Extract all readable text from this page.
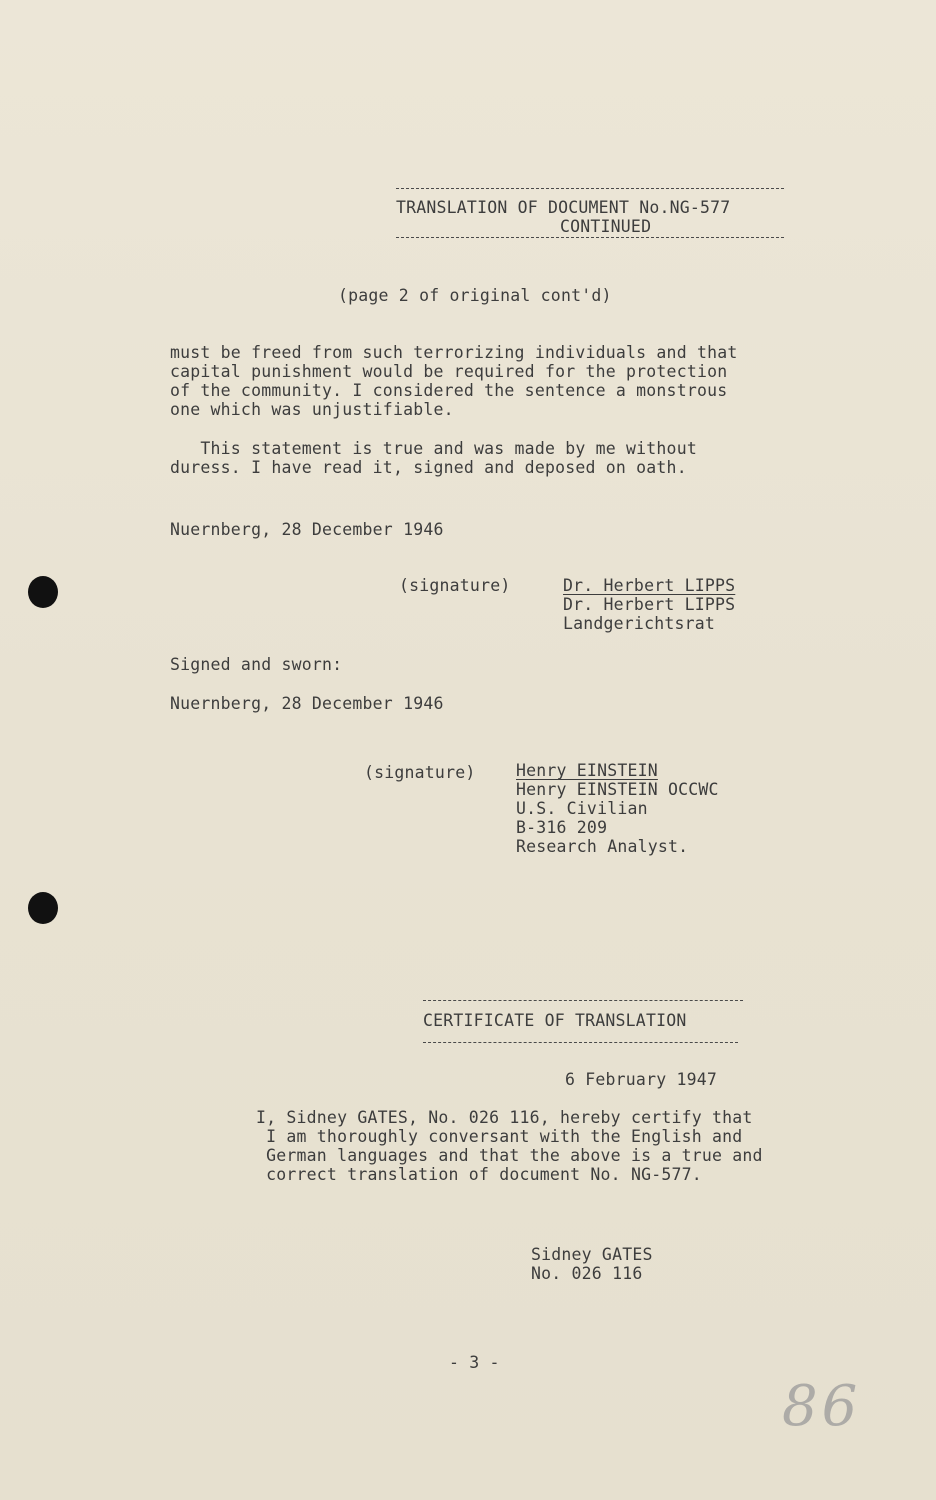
TRANSLATION OF DOCUMENT No.NG-577
CONTINUED
(page 2 of original cont'd)
must be freed from such terrorizing individuals and that
capital punishment would be required for the protection
of the community. I considered the sentence a monstrous
one which was unjustifiable.
This statement is true and was made by me without
duress. I have read it, signed and deposed on oath.
Nuernberg, 28 December 1946
(signature)	Dr. Herbert LIPPS
Dr. Herbert LIPPS
Landgerichtsrat
Signed and sworn:
Nuernberg, 28 December 1946
(signature) Henry EINSTEIN
Henry EINSTEIN OCCWC
U.S. Civilian
B-316 209
Research Analyst.
CERTIFICATE OF TRANSLATION
6 February 1947
I, Sidney GATES, No. 026 116, hereby certify that
I am thoroughly conversant with the English and
German languages and that the above is a true and
correct translation of document No. NG-577.
Sidney GATES
No. 026 116
- 3 -
86
